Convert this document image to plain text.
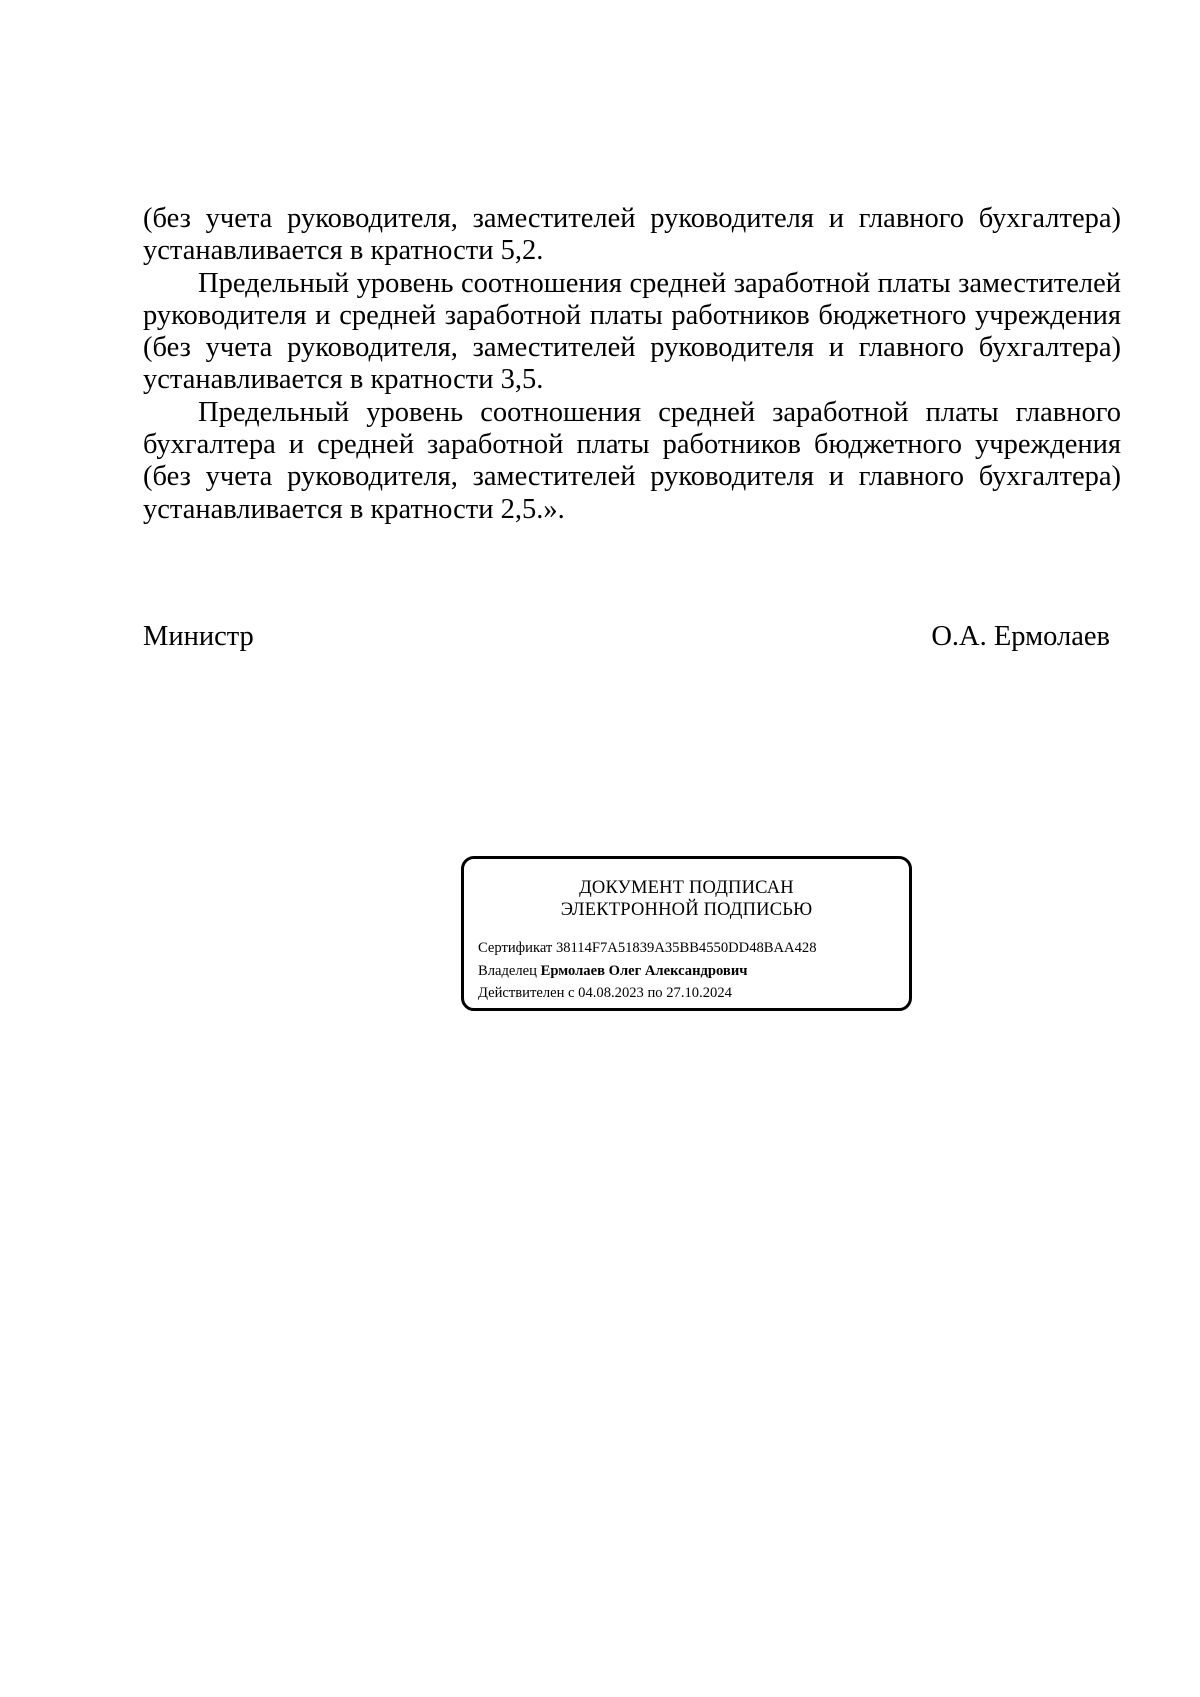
(без учета руководителя, заместителей руководителя и главного бухгалтера) устанавливается в кратности 5,2.

Предельный уровень соотношения средней заработной платы заместителей руководителя и средней заработной платы работников бюджетного учреждения (без учета руководителя, заместителей руководителя и главного бухгалтера) устанавливается в кратности 3,5.

Предельный уровень соотношения средней заработной платы главного бухгалтера и средней заработной платы работников бюджетного учреждения (без учета руководителя, заместителей руководителя и главного бухгалтера) устанавливается в кратности 2,5.».

Министр	О.А. Ермолаев
ДОКУМЕНТ ПОДПИСАН
ЭЛЕКТРОННОЙ ПОДПИСЬЮ
Сертификат 38114F7A51839A35BB4550DD48BAA428
Владелец Ермолаев Олег Александрович
Действителен с 04.08.2023 по 27.10.2024
